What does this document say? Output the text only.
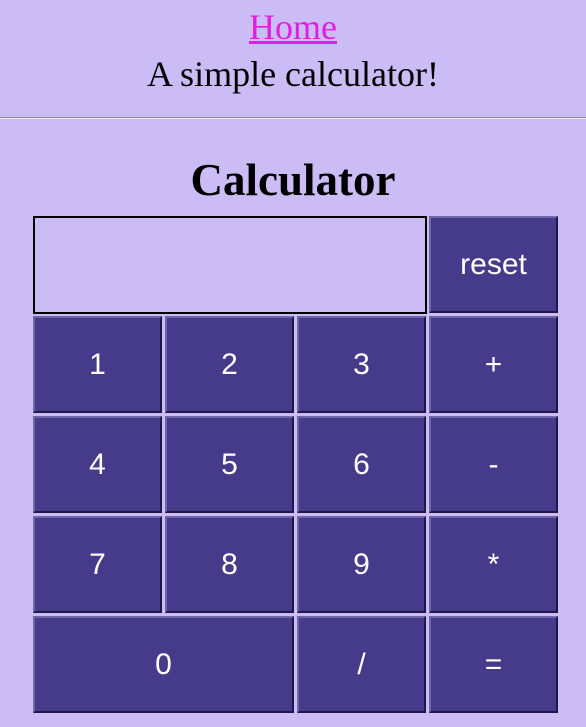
Home
A simple calculator!
Calculator
reset
1	2	3	+
4	5	6	-
7	8	9	*
0	/	=
